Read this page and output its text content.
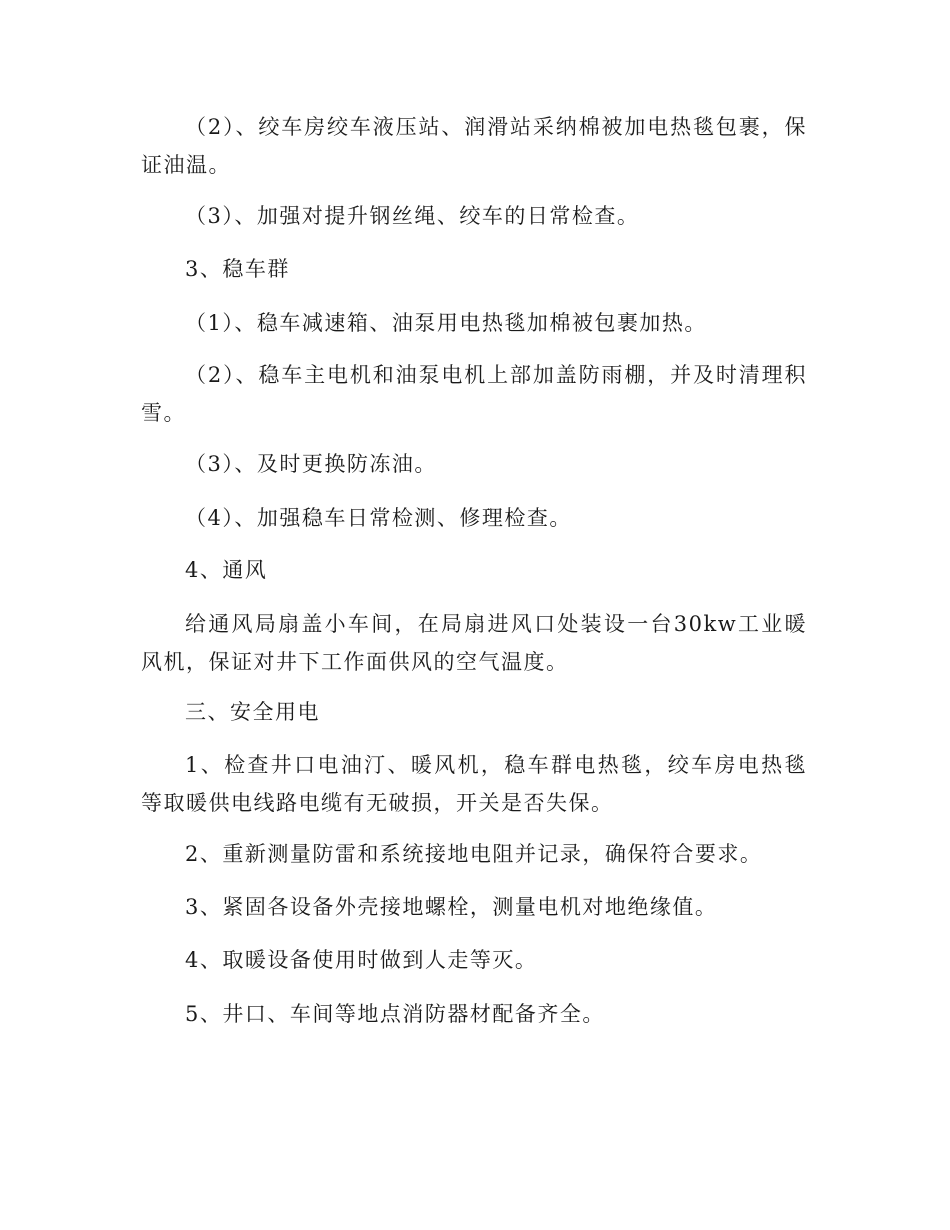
（2）、绞车房绞车液压站、润滑站采纳棉被加电热毯包裹，保证油温。

（3）、加强对提升钢丝绳、绞车的日常检查。

3、稳车群

（1）、稳车减速箱、油泵用电热毯加棉被包裹加热。

（2）、稳车主电机和油泵电机上部加盖防雨棚，并及时清理积雪。

（3）、及时更换防冻油。

（4）、加强稳车日常检测、修理检查。

4、通风

给通风局扇盖小车间，在局扇进风口处装设一台30kw工业暖风机，保证对井下工作面供风的空气温度。

三、安全用电

1、检查井口电油汀、暖风机，稳车群电热毯，绞车房电热毯等取暖供电线路电缆有无破损，开关是否失保。

2、重新测量防雷和系统接地电阻并记录，确保符合要求。

3、紧固各设备外壳接地螺栓，测量电机对地绝缘值。

4、取暖设备使用时做到人走等灭。

5、井口、车间等地点消防器材配备齐全。
